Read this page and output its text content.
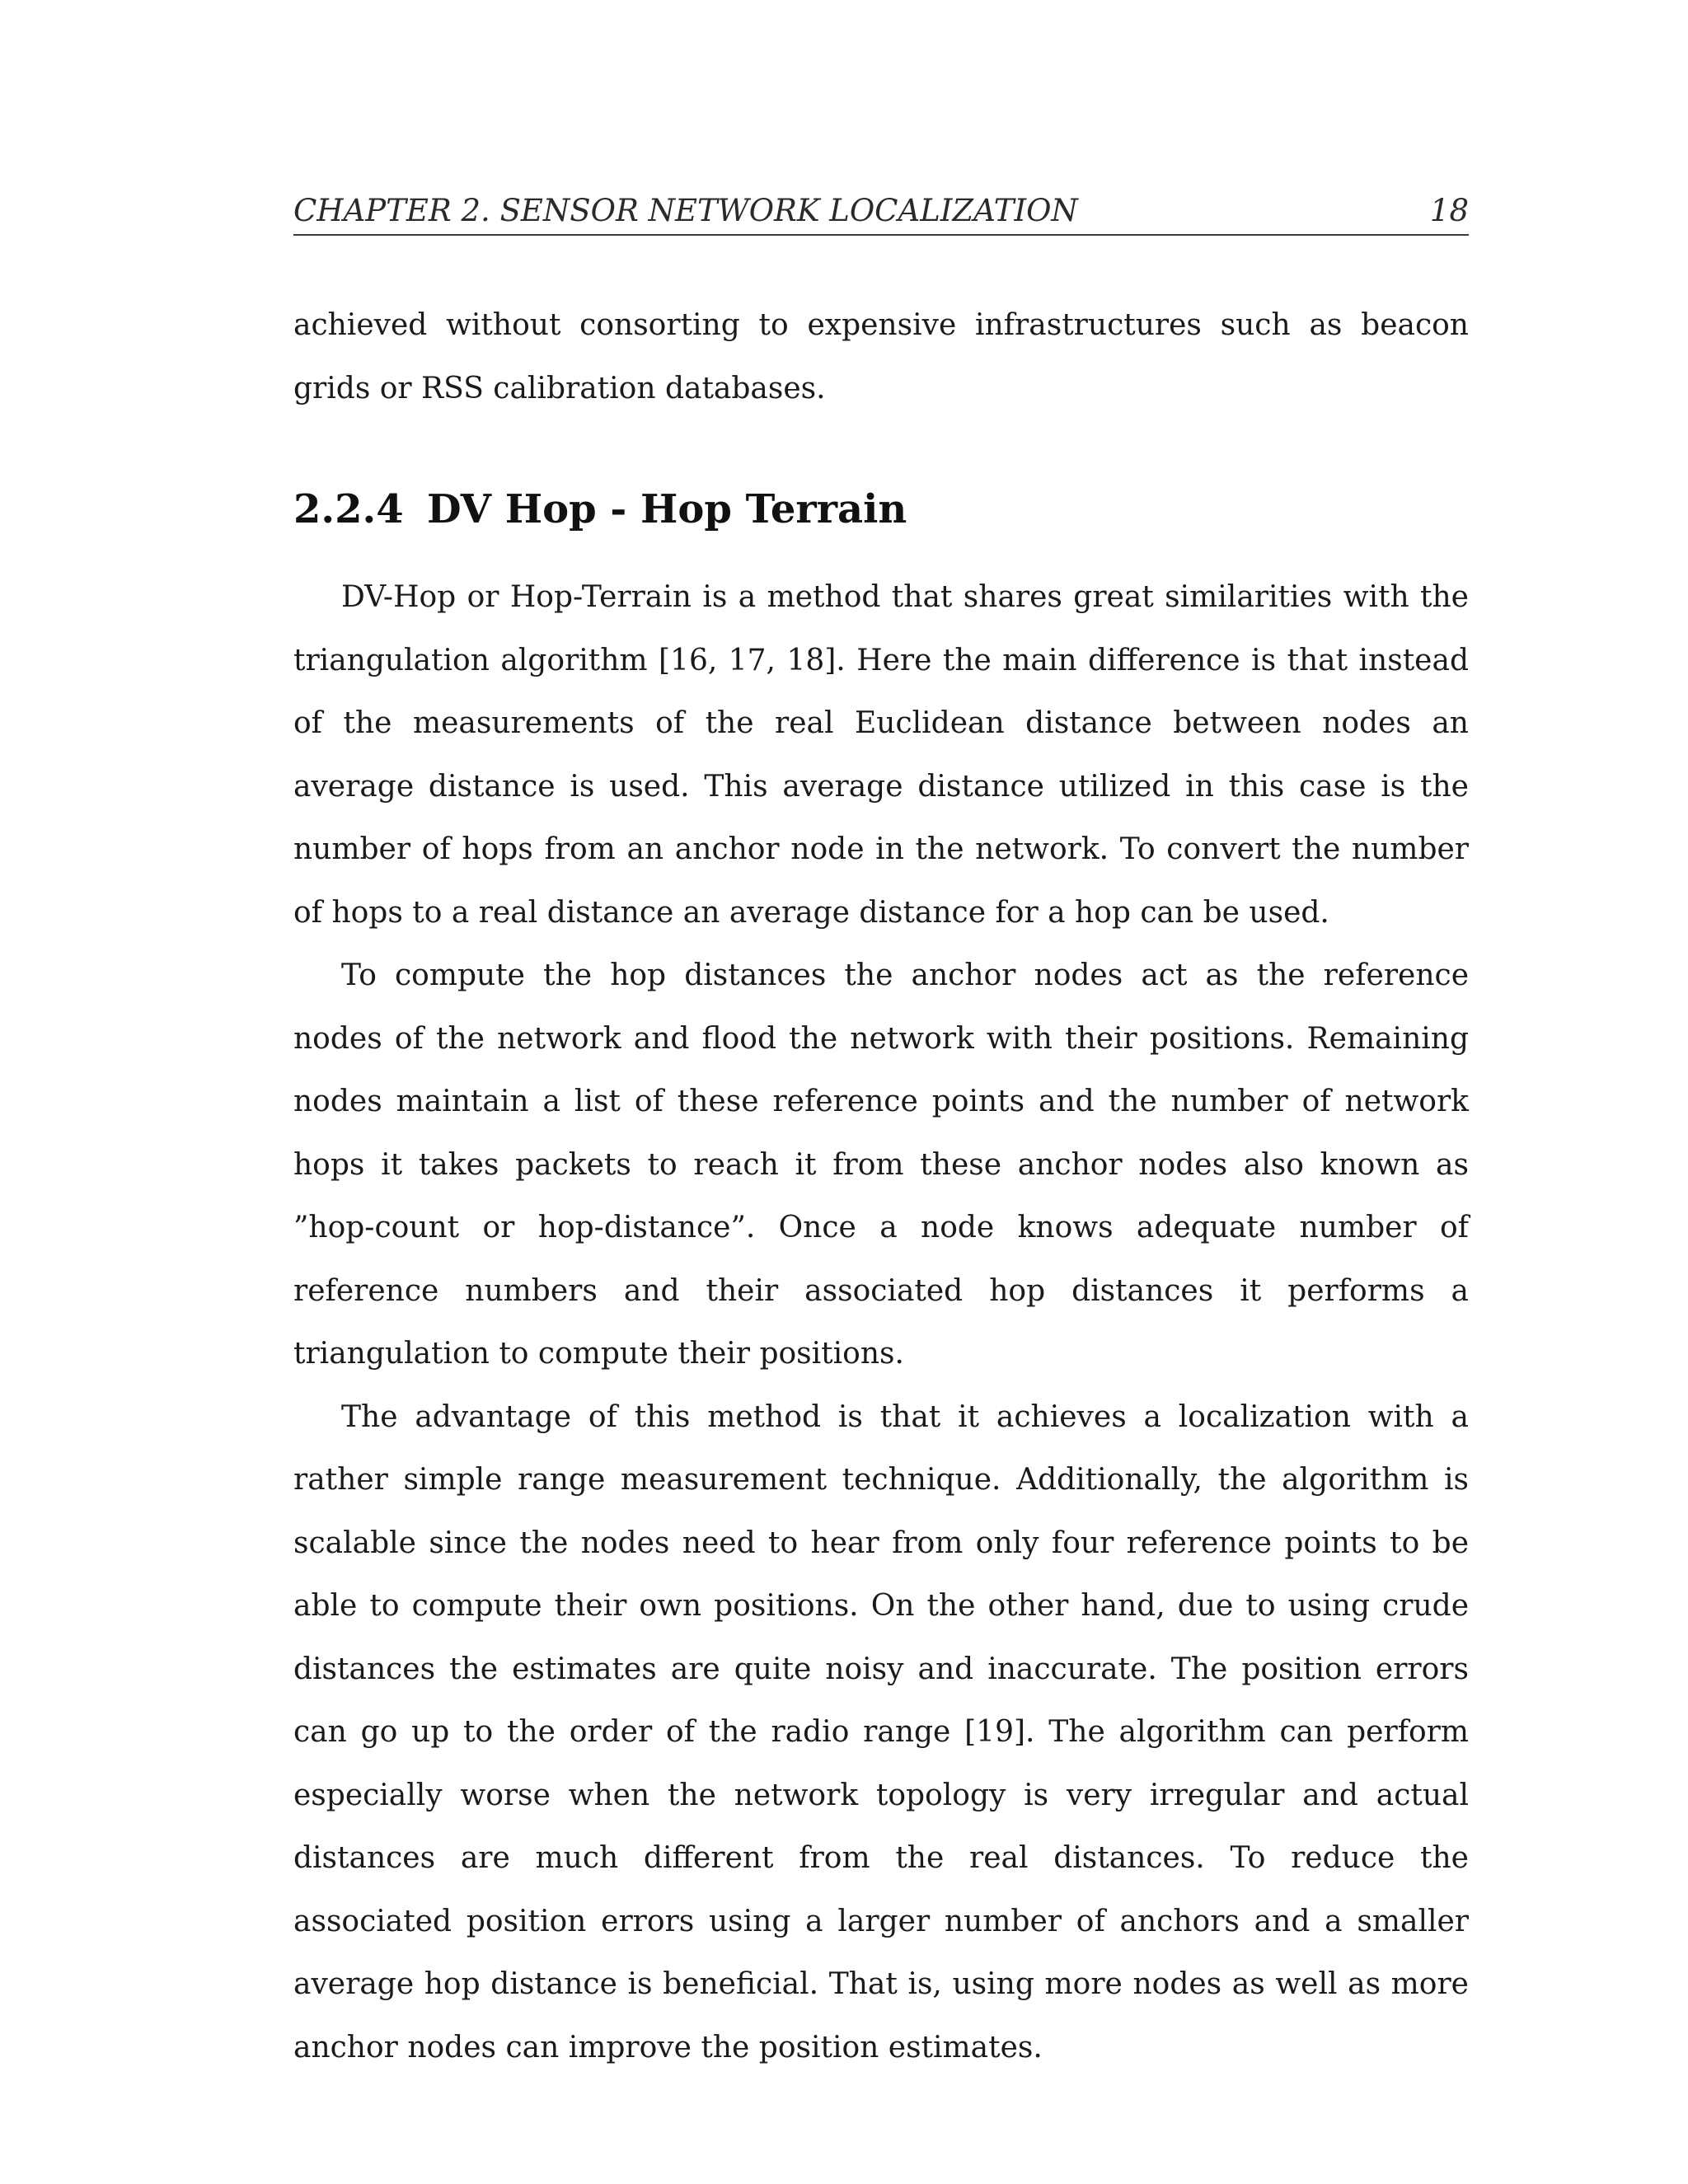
CHAPTER 2. SENSOR NETWORK LOCALIZATION	18

achieved without consorting to expensive infrastructures such as beacon grids or RSS calibration databases.

2.2.4 DV Hop - Hop Terrain

DV-Hop or Hop-Terrain is a method that shares great similarities with the triangulation algorithm [16, 17, 18]. Here the main difference is that instead of the measurements of the real Euclidean distance between nodes an average distance is used. This average distance utilized in this case is the number of hops from an anchor node in the network. To convert the number of hops to a real distance an average distance for a hop can be used.

To compute the hop distances the anchor nodes act as the reference nodes of the network and flood the network with their positions. Remaining nodes maintain a list of these reference points and the number of network hops it takes packets to reach it from these anchor nodes also known as ”hop-count or hop-distance”. Once a node knows adequate number of reference numbers and their associated hop distances it performs a triangulation to compute their positions.

The advantage of this method is that it achieves a localization with a rather simple range measurement technique. Additionally, the algorithm is scalable since the nodes need to hear from only four reference points to be able to compute their own positions. On the other hand, due to using crude distances the estimates are quite noisy and inaccurate. The position errors can go up to the order of the radio range [19]. The algorithm can perform especially worse when the network topology is very irregular and actual distances are much different from the real distances. To reduce the associated position errors using a larger number of anchors and a smaller average hop distance is beneficial. That is, using more nodes as well as more anchor nodes can improve the position estimates.
